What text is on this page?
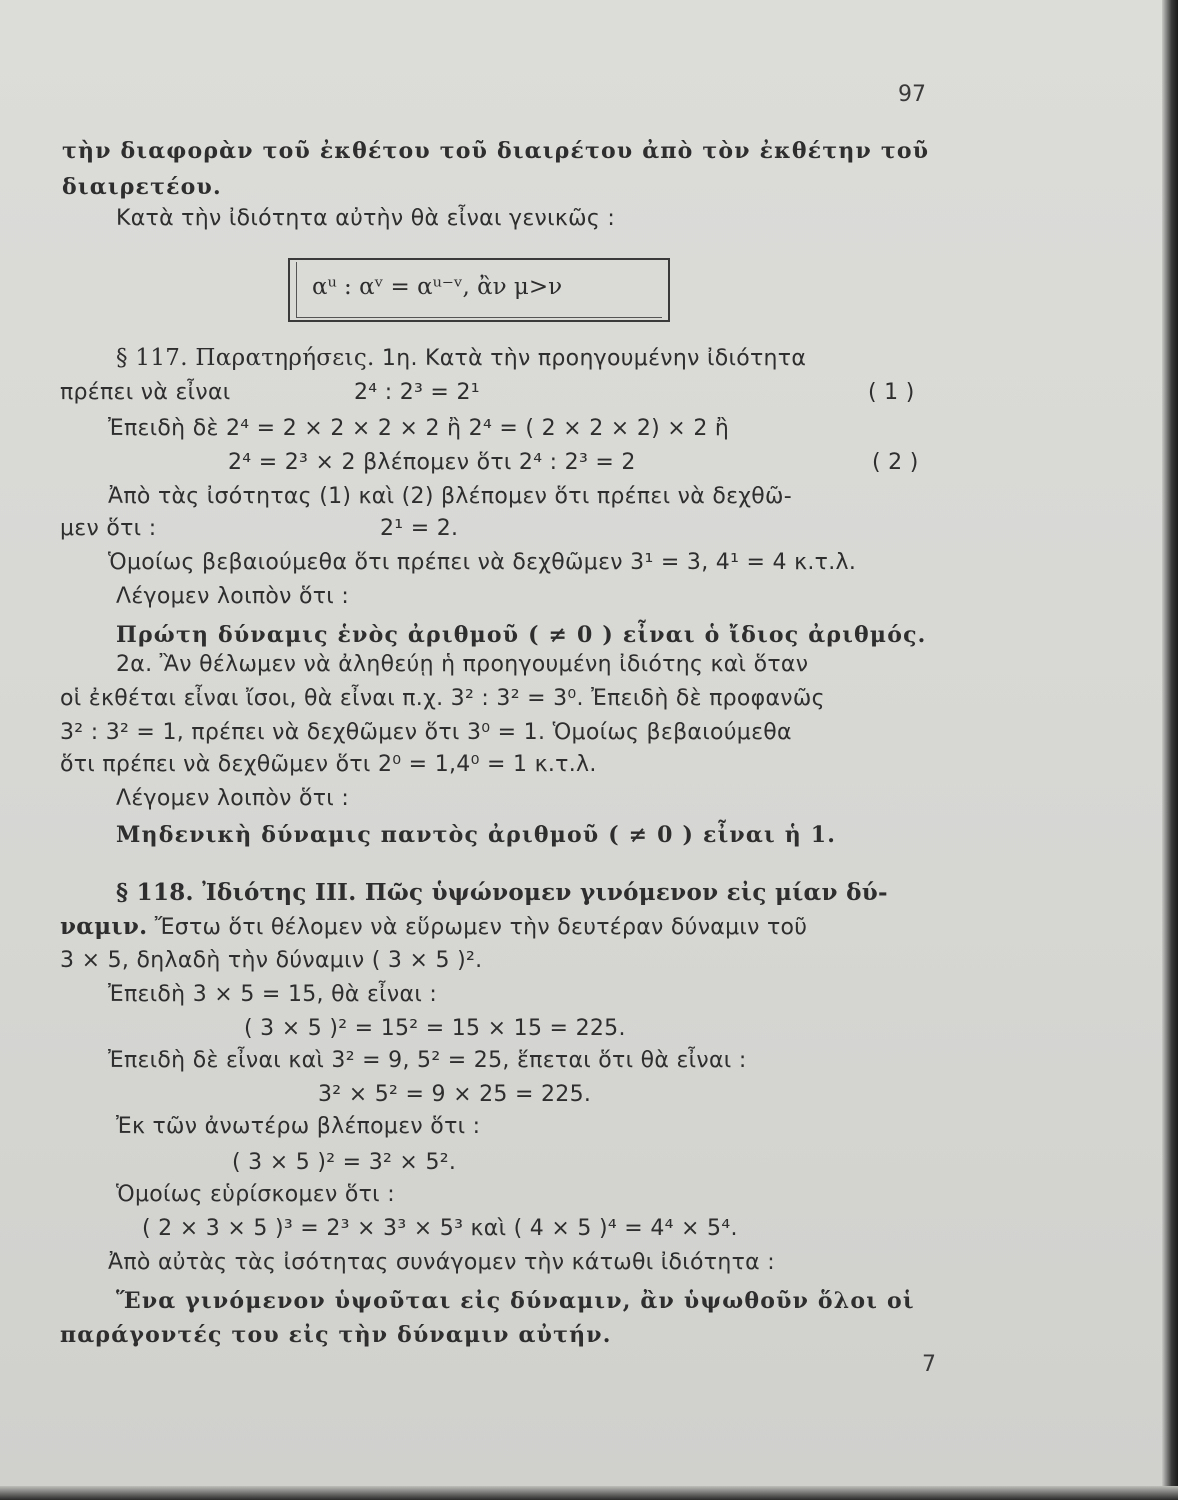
97
τὴν διαφορὰν τοῦ ἐκθέτου τοῦ διαιρέτου ἀπὸ τὸν ἐκθέτην τοῦ
διαιρετέου.
Κατὰ τὴν ἰδιότητα αὐτὴν θὰ εἶναι γενικῶς :
αᵘ : αᵛ = αᵘ⁻ᵛ, ἂν μ>ν
§ 117. Παρατηρήσεις. 1η. Κατὰ τὴν προηγουμένην ἰδιότητα
πρέπει νὰ εἶναι	2⁴ : 2³ = 2¹	( 1 )
Ἐπειδὴ δὲ 2⁴ = 2 × 2 × 2 × 2 ἢ 2⁴ = ( 2 × 2 × 2) × 2 ἢ
2⁴ = 2³ × 2 βλέπομεν ὅτι 2⁴ : 2³ = 2	( 2 )
Ἀπὸ τὰς ἰσότητας (1) καὶ (2) βλέπομεν ὅτι πρέπει νὰ δεχθῶ-
μεν ὅτι :	2¹ = 2.
Ὁμοίως βεβαιούμεθα ὅτι πρέπει νὰ δεχθῶμεν 3¹ = 3, 4¹ = 4 κ.τ.λ.
Λέγομεν λοιπὸν ὅτι :
Πρώτη δύναμις ἑνὸς ἀριθμοῦ ( ≠ 0 ) εἶναι ὁ ἴδιος ἀριθμός.
2α. Ἂν θέλωμεν νὰ ἀληθεύῃ ἡ προηγουμένη ἰδιότης καὶ ὅταν
οἱ ἐκθέται εἶναι ἴσοι, θὰ εἶναι π.χ. 3² : 3² = 3⁰. Ἐπειδὴ δὲ προφανῶς
3² : 3² = 1, πρέπει νὰ δεχθῶμεν ὅτι 3⁰ = 1. Ὁμοίως βεβαιούμεθα
ὅτι πρέπει νὰ δεχθῶμεν ὅτι 2⁰ = 1,4⁰ = 1 κ.τ.λ.
Λέγομεν λοιπὸν ὅτι :
Μηδενικὴ δύναμις παντὸς ἀριθμοῦ ( ≠ 0 ) εἶναι ἡ 1.
§ 118. Ἰδιότης ΙΙΙ. Πῶς ὑψώνομεν γινόμενον εἰς μίαν δύ-
ναμιν. Ἔστω ὅτι θέλομεν νὰ εὕρωμεν τὴν δευτέραν δύναμιν τοῦ
3 × 5, δηλαδὴ τὴν δύναμιν ( 3 × 5 )².
Ἐπειδὴ 3 × 5 = 15, θὰ εἶναι :
( 3 × 5 )² = 15² = 15 × 15 = 225.
Ἐπειδὴ δὲ εἶναι καὶ 3² = 9, 5² = 25, ἕπεται ὅτι θὰ εἶναι :
3² × 5² = 9 × 25 = 225.
Ἐκ τῶν ἀνωτέρω βλέπομεν ὅτι :
( 3 × 5 )² = 3² × 5².
Ὁμοίως εὑρίσκομεν ὅτι :
( 2 × 3 × 5 )³ = 2³ × 3³ × 5³ καὶ ( 4 × 5 )⁴ = 4⁴ × 5⁴.
Ἀπὸ αὐτὰς τὰς ἰσότητας συνάγομεν τὴν κάτωθι ἰδιότητα :
Ἕνα γινόμενον ὑψοῦται εἰς δύναμιν, ἂν ὑψωθοῦν ὅλοι οἱ
παράγοντές του εἰς τὴν δύναμιν αὐτήν.
7
